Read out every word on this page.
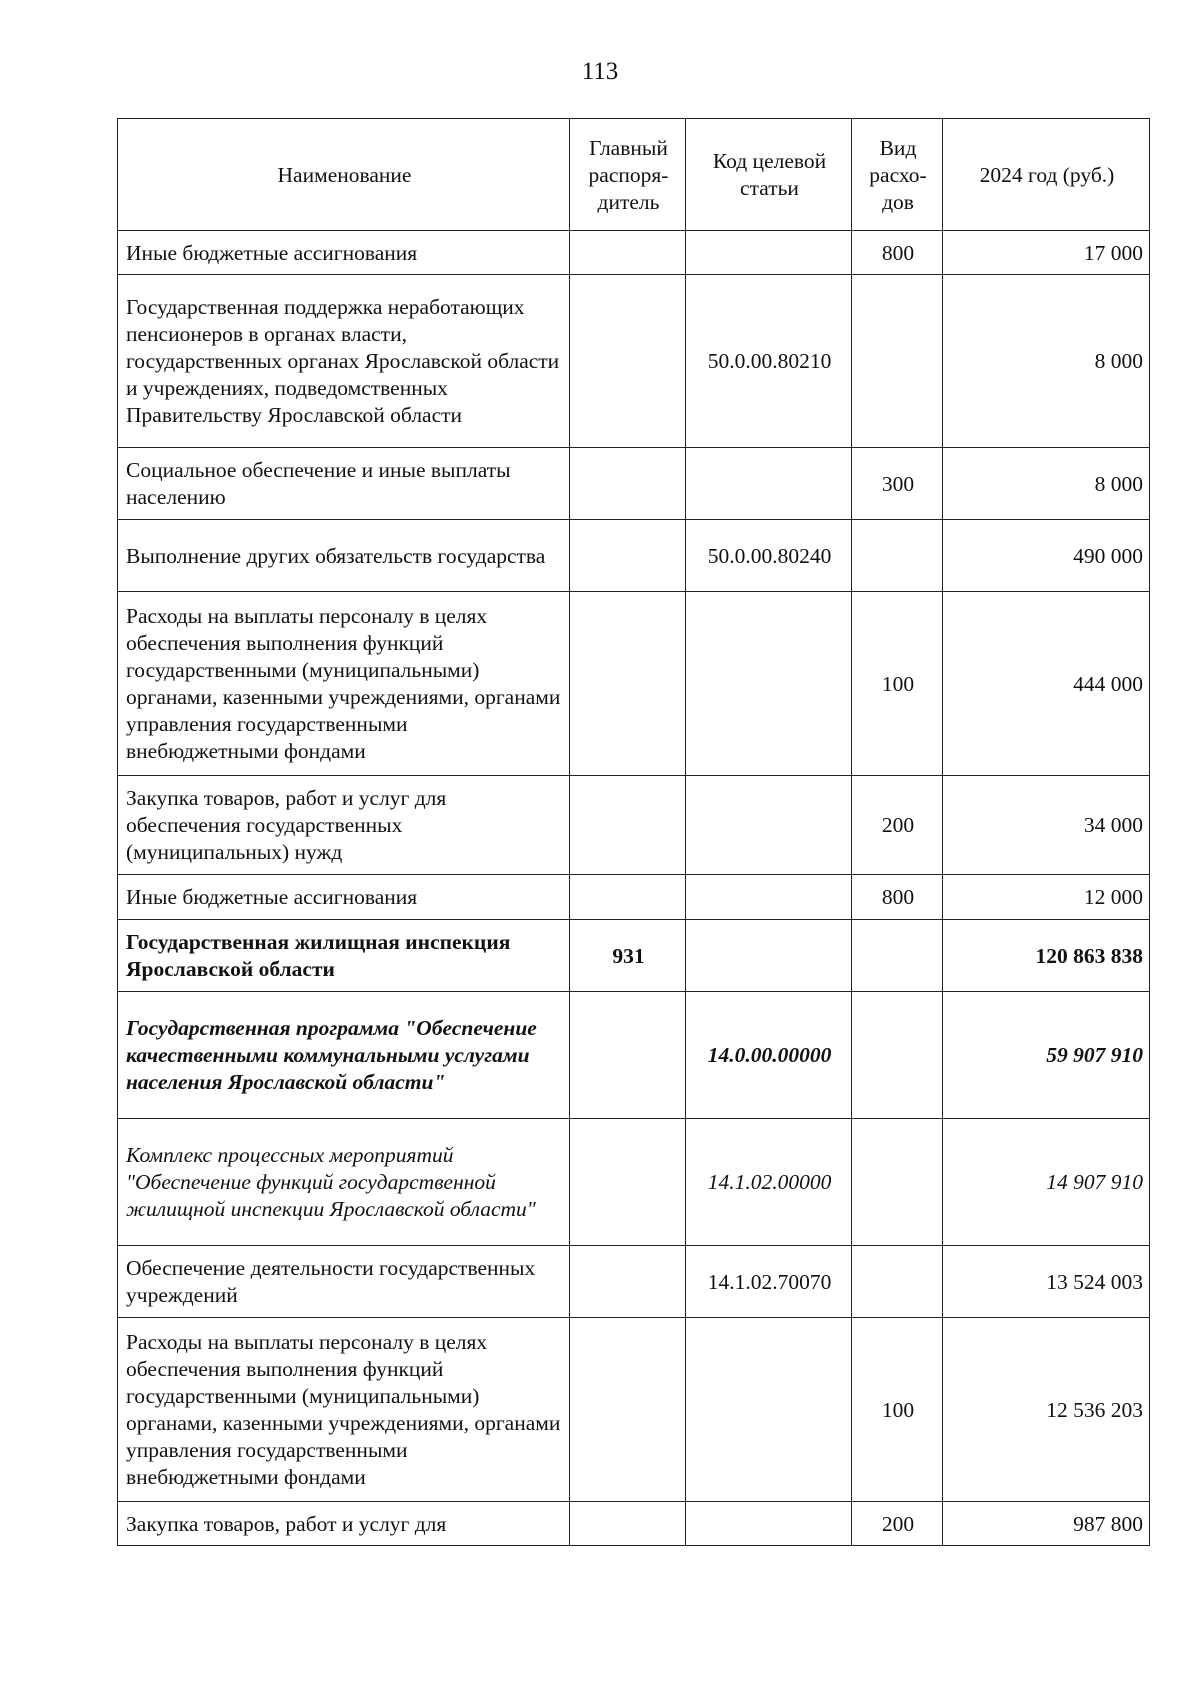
113
Наименование	Главный распоря-дитель	Код целевой статьи	Вид расхо-дов	2024 год (руб.)
Иные бюджетные ассигнования			800	17 000
Государственная поддержка неработающих пенсионеров в органах власти, государственных органах Ярославской области и учреждениях, подведомственных Правительству Ярославской области		50.0.00.80210		8 000
Социальное обеспечение и иные выплаты населению			300	8 000
Выполнение других обязательств государства		50.0.00.80240		490 000
Расходы на выплаты персоналу в целях обеспечения выполнения функций государственными (муниципальными) органами, казенными учреждениями, органами управления государственными внебюджетными фондами			100	444 000
Закупка товаров, работ и услуг для обеспечения государственных (муниципальных) нужд			200	34 000
Иные бюджетные ассигнования			800	12 000
Государственная жилищная инспекция Ярославской области	931			120 863 838
Государственная программа "Обеспечение качественными коммунальными услугами населения Ярославской области"		14.0.00.00000		59 907 910
Комплекс процессных мероприятий "Обеспечение функций государственной жилищной инспекции Ярославской области"		14.1.02.00000		14 907 910
Обеспечение деятельности государственных учреждений		14.1.02.70070		13 524 003
Расходы на выплаты персоналу в целях обеспечения выполнения функций государственными (муниципальными) органами, казенными учреждениями, органами управления государственными внебюджетными фондами			100	12 536 203
Закупка товаров, работ и услуг для			200	987 800
